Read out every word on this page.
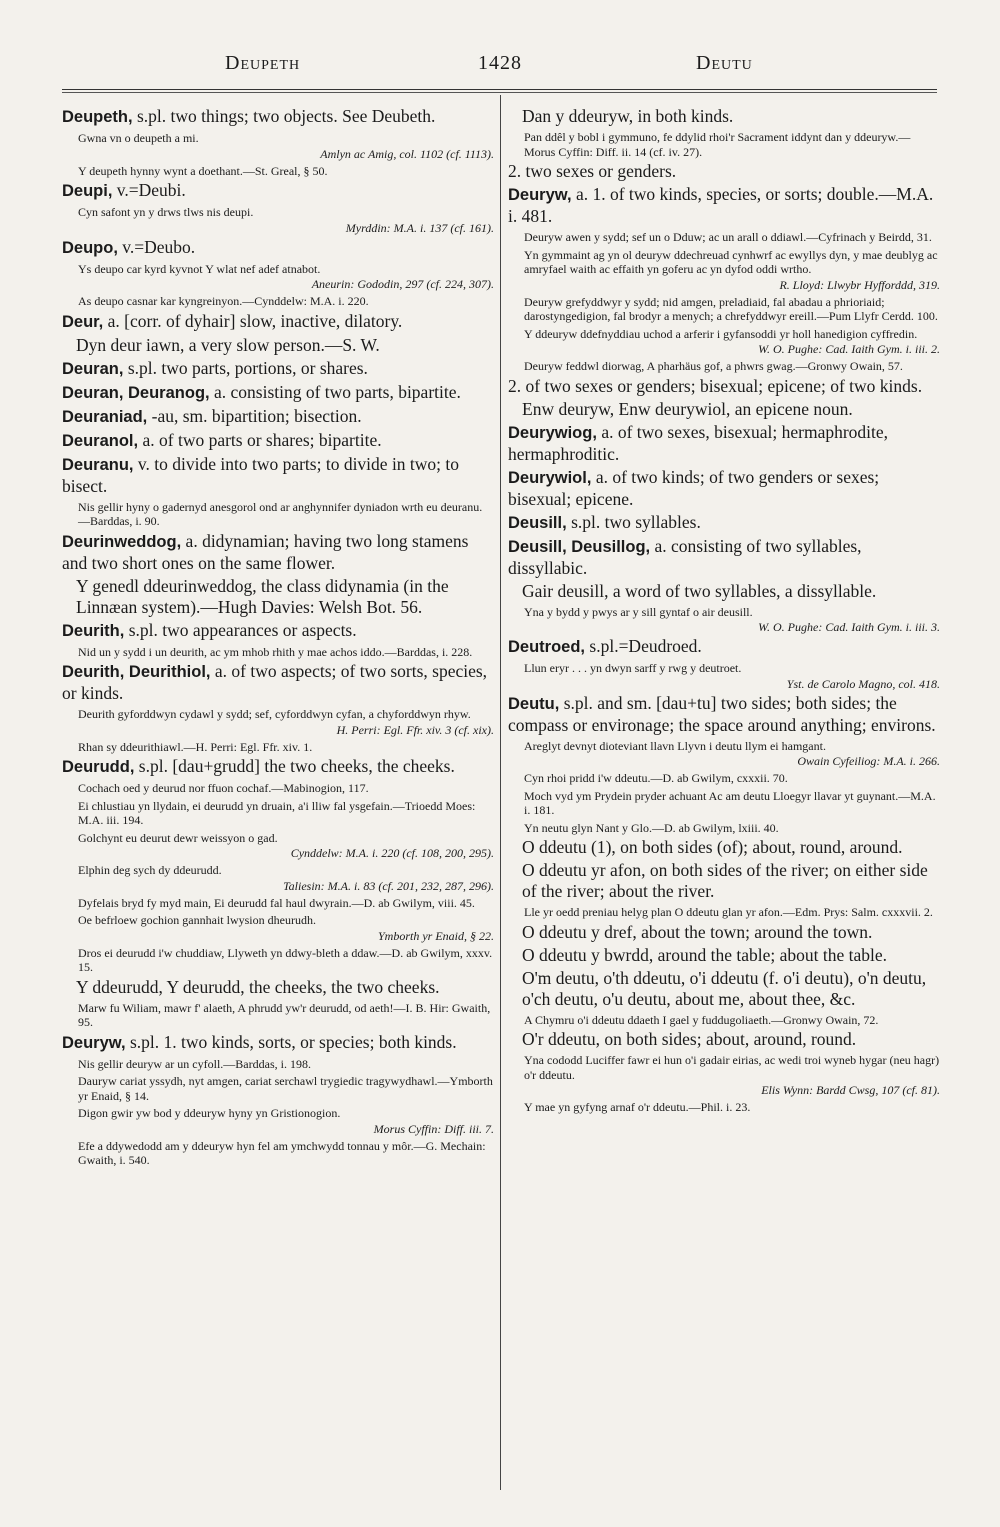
Deupeth	1428	Deutu
Deupeth, s.pl. two things; two objects. See Deubeth.
Gwna vn o deupeth a mi.
Amlyn ac Amig, col. 1102 (cf. 1113).
Y deupeth hynny wynt a doethant.—St. Greal, § 50.
Deupi, v.=Deubi.
Cyn safont yn y drws tlws nis deupi.
Myrddin: M.A. i. 137 (cf. 161).
Deupo, v.=Deubo.
Ys deupo car kyrd kyvnot Y wlat nef adef atnabot.
Aneurin: Gododin, 297 (cf. 224, 307).
As deupo casnar kar kyngreinyon.—Cynddelw: M.A. i. 220.
Deur, a. [corr. of dyhair] slow, inactive, dilatory.
Dyn deur iawn, a very slow person.—S. W.
Deuran, s.pl. two parts, portions, or shares.
Deuran, Deuranog, a. consisting of two parts, bipartite.
Deuraniad, -au, sm. bipartition; bisection.
Deuranol, a. of two parts or shares; bipartite.
Deuranu, v. to divide into two parts; to divide in two; to bisect.
Nis gellir hyny o gadernyd anesgorol ond ar anghynnifer dyniadon wrth eu deuranu.—Barddas, i. 90.
Deurinweddog, a. didynamian; having two long stamens and two short ones on the same flower.
Y genedl ddeurinweddog, the class didynamia (in the Linnæan system).—Hugh Davies: Welsh Bot. 56.
Deurith, s.pl. two appearances or aspects.
Nid un y sydd i un deurith, ac ym mhob rhith y mae achos iddo.—Barddas, i. 228.
Deurith, Deurithiol, a. of two aspects; of two sorts, species, or kinds.
Deurith gyforddwyn cydawl y sydd; sef, cyforddwyn cyfan, a chyforddwyn rhyw.
H. Perri: Egl. Ffr. xiv. 3 (cf. xix).
Rhan sy ddeurithiawl.—H. Perri: Egl. Ffr. xiv. 1.
Deurudd, s.pl. [dau+grudd] the two cheeks, the cheeks.
Cochach oed y deurud nor ffuon cochaf.—Mabinogion, 117.
Ei chlustiau yn llydain, ei deurudd yn druain, a'i lliw fal ysgefain.—Trioedd Moes: M.A. iii. 194.
Golchynt eu deurut dewr weissyon o gad.
Cynddelw: M.A. i. 220 (cf. 108, 200, 295).
Elphin deg sych dy ddeurudd.
Taliesin: M.A. i. 83 (cf. 201, 232, 287, 296).
Dyfelais bryd fy myd main, Ei deurudd fal haul dwyrain.—D. ab Gwilym, viii. 45.
Oe befrloew gochion gannhait lwysion dheurudh.
Ymborth yr Enaid, § 22.
Dros ei deurudd i'w chuddiaw, Llyweth yn ddwy-bleth a ddaw.—D. ab Gwilym, xxxv. 15.
Y ddeurudd, Y deurudd, the cheeks, the two cheeks.
Marw fu Wiliam, mawr f' alaeth, A phrudd yw'r deurudd, od aeth!—I. B. Hir: Gwaith, 95.
Deuryw, s.pl. 1. two kinds, sorts, or species; both kinds.
Nis gellir deuryw ar un cyfoll.—Barddas, i. 198.
Dauryw cariat yssydh, nyt amgen, cariat serchawl trygiedic tragywydhawl.—Ymborth yr Enaid, § 14.
Digon gwir yw bod y ddeuryw hyny yn Gristionogion.
Morus Cyffin: Diff. iii. 7.
Efe a ddywedodd am y ddeuryw hyn fel am ymchwydd tonnau y môr.—G. Mechain: Gwaith, i. 540.
Dan y ddeuryw, in both kinds.
Pan ddêl y bobl i gymmuno, fe ddylid rhoi'r Sacrament iddynt dan y ddeuryw.—Morus Cyffin: Diff. ii. 14 (cf. iv. 27).
2. two sexes or genders.
Deuryw, a. 1. of two kinds, species, or sorts; double.—M.A. i. 481.
Deuryw awen y sydd; sef un o Dduw; ac un arall o ddiawl.—Cyfrinach y Beirdd, 31.
Yn gymmaint ag yn ol deuryw ddechreuad cynhwrf ac ewyllys dyn, y mae deublyg ac amryfael waith ac effaith yn goferu ac yn dyfod oddi wrtho.
R. Lloyd: Llwybr Hyfforddd, 319.
Deuryw grefyddwyr y sydd; nid amgen, preladiaid, fal abadau a phrioriaid; darostyngedigion, fal brodyr a menych; a chrefyddwyr ereill.—Pum Llyfr Cerdd. 100.
Y ddeuryw ddefnyddiau uchod a arferir i gyfansoddi yr holl hanedigion cyffredin.
W. O. Pughe: Cad. Iaith Gym. i. iii. 2.
Deuryw feddwl diorwag, A pharhäus gof, a phwrs gwag.—Gronwy Owain, 57.
2. of two sexes or genders; bisexual; epicene; of two kinds.
Enw deuryw, Enw deurywiol, an epicene noun.
Deurywiog, a. of two sexes, bisexual; hermaphrodite, hermaphroditic.
Deurywiol, a. of two kinds; of two genders or sexes; bisexual; epicene.
Deusill, s.pl. two syllables.
Deusill, Deusillog, a. consisting of two syllables, dissyllabic.
Gair deusill, a word of two syllables, a dissyllable.
Yna y bydd y pwys ar y sill gyntaf o air deusill.
W. O. Pughe: Cad. Iaith Gym. i. iii. 3.
Deutroed, s.pl.=Deudroed.
Llun eryr . . . yn dwyn sarff y rwg y deutroet.
Yst. de Carolo Magno, col. 418.
Deutu, s.pl. and sm. [dau+tu] two sides; both sides; the compass or environage; the space around anything; environs.
Areglyt devnyt dioteviant llavn Llyvn i deutu llym ei hamgant.
Owain Cyfeiliog: M.A. i. 266.
Cyn rhoi pridd i'w ddeutu.—D. ab Gwilym, cxxxii. 70.
Moch vyd ym Prydein pryder achuant Ac am deutu Lloegyr llavar yt guynant.—M.A. i. 181.
Yn neutu glyn Nant y Glo.—D. ab Gwilym, lxiii. 40.
O ddeutu (1), on both sides (of); about, round, around.
O ddeutu yr afon, on both sides of the river; on either side of the river; about the river.
Lle yr oedd preniau helyg plan O ddeutu glan yr afon.—Edm. Prys: Salm. cxxxvii. 2.
O ddeutu y dref, about the town; around the town.
O ddeutu y bwrdd, around the table; about the table.
O'm deutu, o'th ddeutu, o'i ddeutu (f. o'i deutu), o'n deutu, o'ch deutu, o'u deutu, about me, about thee, &c.
A Chymru o'i ddeutu ddaeth I gael y fuddugoliaeth.—Gronwy Owain, 72.
O'r ddeutu, on both sides; about, around, round.
Yna cododd Luciffer fawr ei hun o'i gadair eirias, ac wedi troi wyneb hygar (neu hagr) o'r ddeutu.
Elis Wynn: Bardd Cwsg, 107 (cf. 81).
Y mae yn gyfyng arnaf o'r ddeutu.—Phil. i. 23.
